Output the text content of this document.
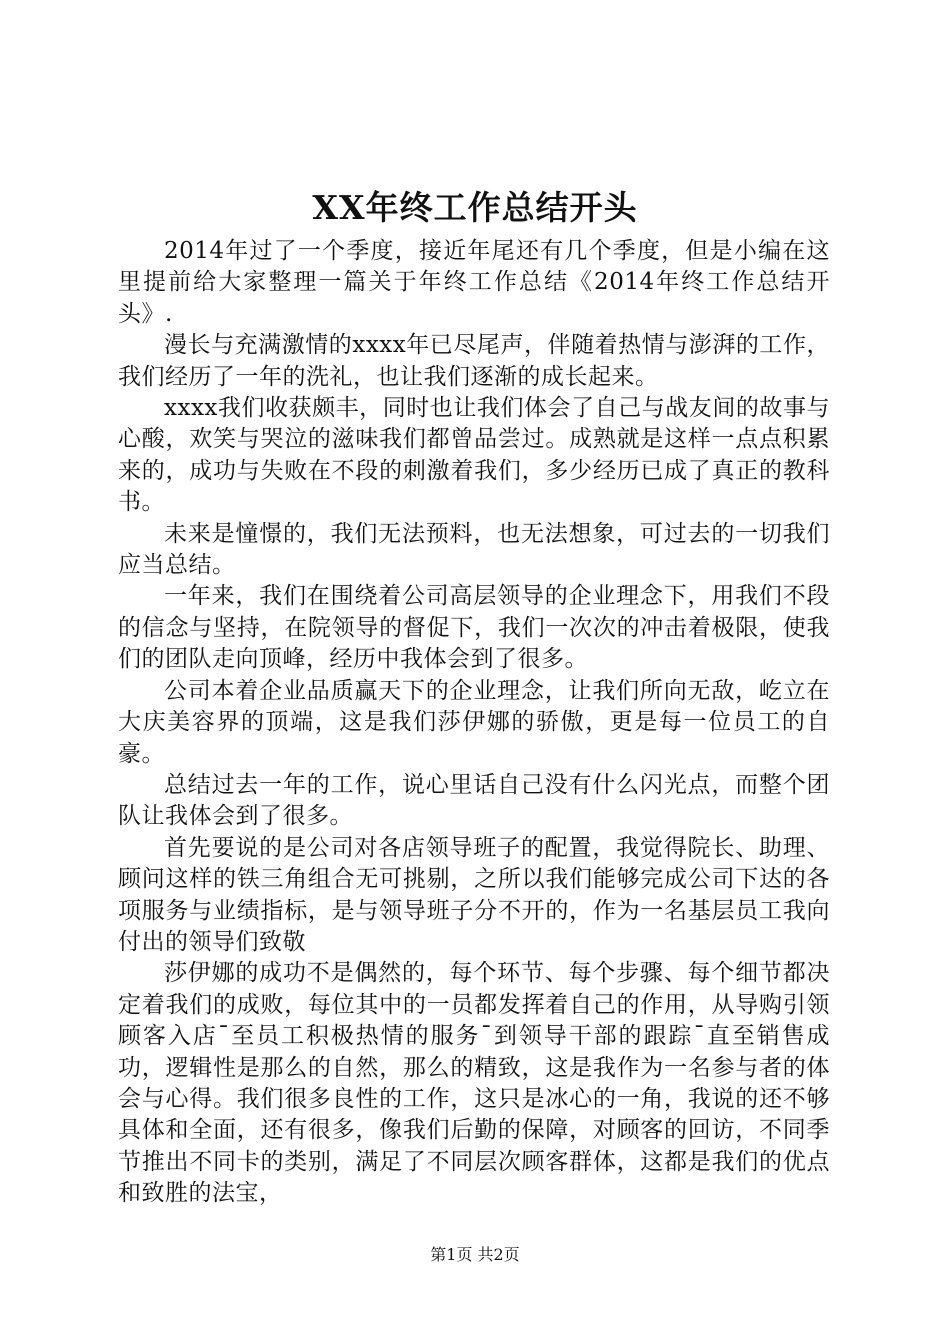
XX年终工作总结开头

2014年过了一个季度，接近年尾还有几个季度，但是小编在这里提前给大家整理一篇关于年终工作总结《2014年终工作总结开头》.

漫长与充满激情的xxxx年已尽尾声，伴随着热情与澎湃的工作，我们经历了一年的洗礼，也让我们逐渐的成长起来。

xxxx我们收获颇丰，同时也让我们体会了自己与战友间的故事与心酸，欢笑与哭泣的滋味我们都曾品尝过。成熟就是这样一点点积累来的，成功与失败在不段的刺激着我们，多少经历已成了真正的教科书。

未来是憧憬的，我们无法预料，也无法想象，可过去的一切我们应当总结。

一年来，我们在围绕着公司高层领导的企业理念下，用我们不段的信念与坚持，在院领导的督促下，我们一次次的冲击着极限，使我们的团队走向顶峰，经历中我体会到了很多。

公司本着企业品质赢天下的企业理念，让我们所向无敌，屹立在大庆美容界的顶端，这是我们莎伊娜的骄傲，更是每一位员工的自豪。

总结过去一年的工作，说心里话自己没有什么闪光点，而整个团队让我体会到了很多。

首先要说的是公司对各店领导班子的配置，我觉得院长、助理、顾问这样的铁三角组合无可挑剔，之所以我们能够完成公司下达的各项服务与业绩指标，是与领导班子分不开的，作为一名基层员工我向付出的领导们致敬

莎伊娜的成功不是偶然的，每个环节、每个步骤、每个细节都决定着我们的成败，每位其中的一员都发挥着自己的作用，从导购引领顾客入店¯至员工积极热情的服务¯到领导干部的跟踪¯直至销售成功，逻辑性是那么的自然，那么的精致，这是我作为一名参与者的体会与心得。我们很多良性的工作，这只是冰心的一角，我说的还不够具体和全面，还有很多，像我们后勤的保障，对顾客的回访，不同季节推出不同卡的类别，满足了不同层次顾客群体，这都是我们的优点和致胜的法宝，

第1页 共2页
